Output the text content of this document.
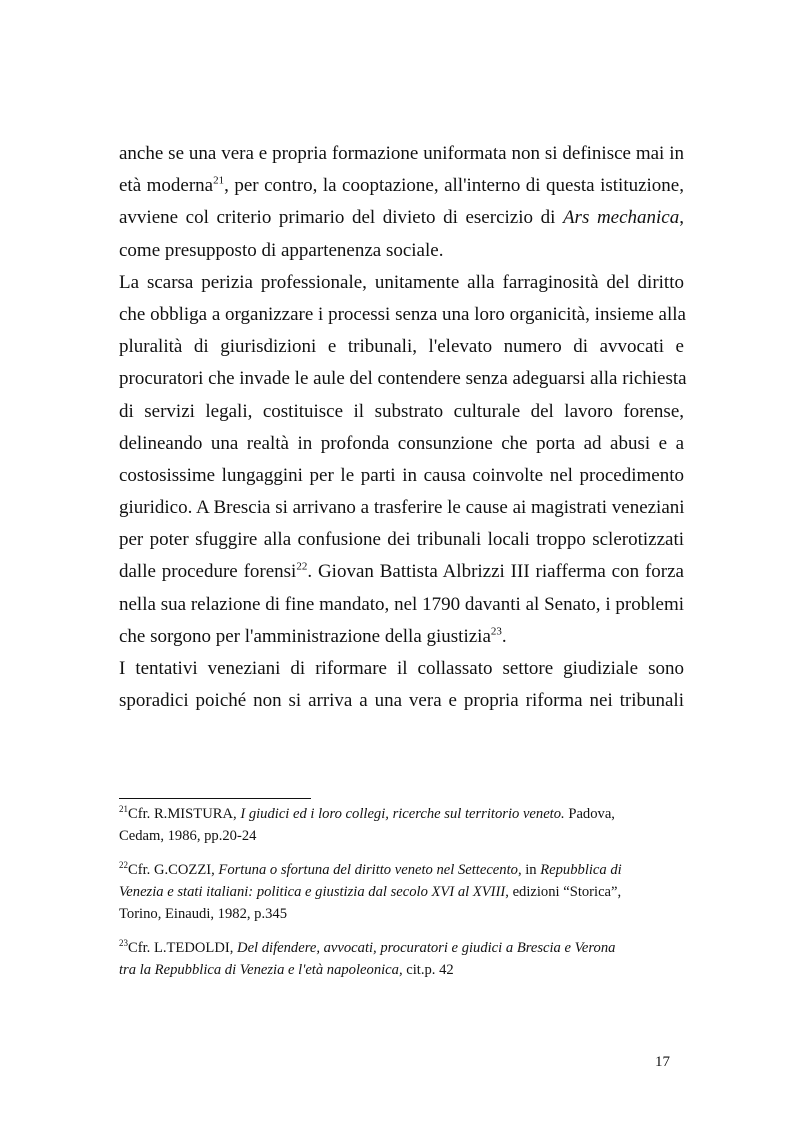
anche se una vera e propria formazione uniformata non si definisce mai in
età moderna$^{21}$, per contro, la cooptazione, all'interno di questa istituzione,
avviene col criterio primario del divieto di esercizio di Ars mechanica,
come presupposto di appartenenza sociale.
La scarsa perizia professionale, unitamente alla farraginosità del diritto
che obbliga a organizzare i processi senza una loro organicità, insieme alla
pluralità di giurisdizioni e tribunali, l'elevato numero di avvocati e
procuratori che invade le aule del contendere senza adeguarsi alla richiesta
di servizi legali, costituisce il substrato culturale del lavoro forense,
delineando una realtà in profonda consunzione che porta ad abusi e a
costosissime lungaggini per le parti in causa coinvolte nel procedimento
giuridico. A Brescia si arrivano a trasferire le cause ai magistrati veneziani
per poter sfuggire alla confusione dei tribunali locali troppo sclerotizzati
dalle procedure forensi$^{22}$. Giovan Battista Albrizzi III riafferma con forza
nella sua relazione di fine mandato, nel 1790 davanti al Senato, i problemi
che sorgono per l'amministrazione della giustizia$^{23}$.
I tentativi veneziani di riformare il collassato settore giudiziale sono
sporadici poiché non si arriva a una vera e propria riforma nei tribunali
$^{21}$Cfr. R.MISTURA, I giudici ed i loro collegi, ricerche sul territorio veneto. Padova,
Cedam, 1986, pp.20-24
$^{22}$Cfr. G.COZZI, Fortuna o sfortuna del diritto veneto nel Settecento, in Repubblica di
Venezia e stati italiani: politica e giustizia dal secolo XVI al XVIII, edizioni “Storica”,
Torino, Einaudi, 1982, p.345
$^{23}$Cfr. L.TEDOLDI, Del difendere, avvocati, procuratori e giudici a Brescia e Verona
tra la Repubblica di Venezia e l'età napoleonica, cit.p. 42
17
